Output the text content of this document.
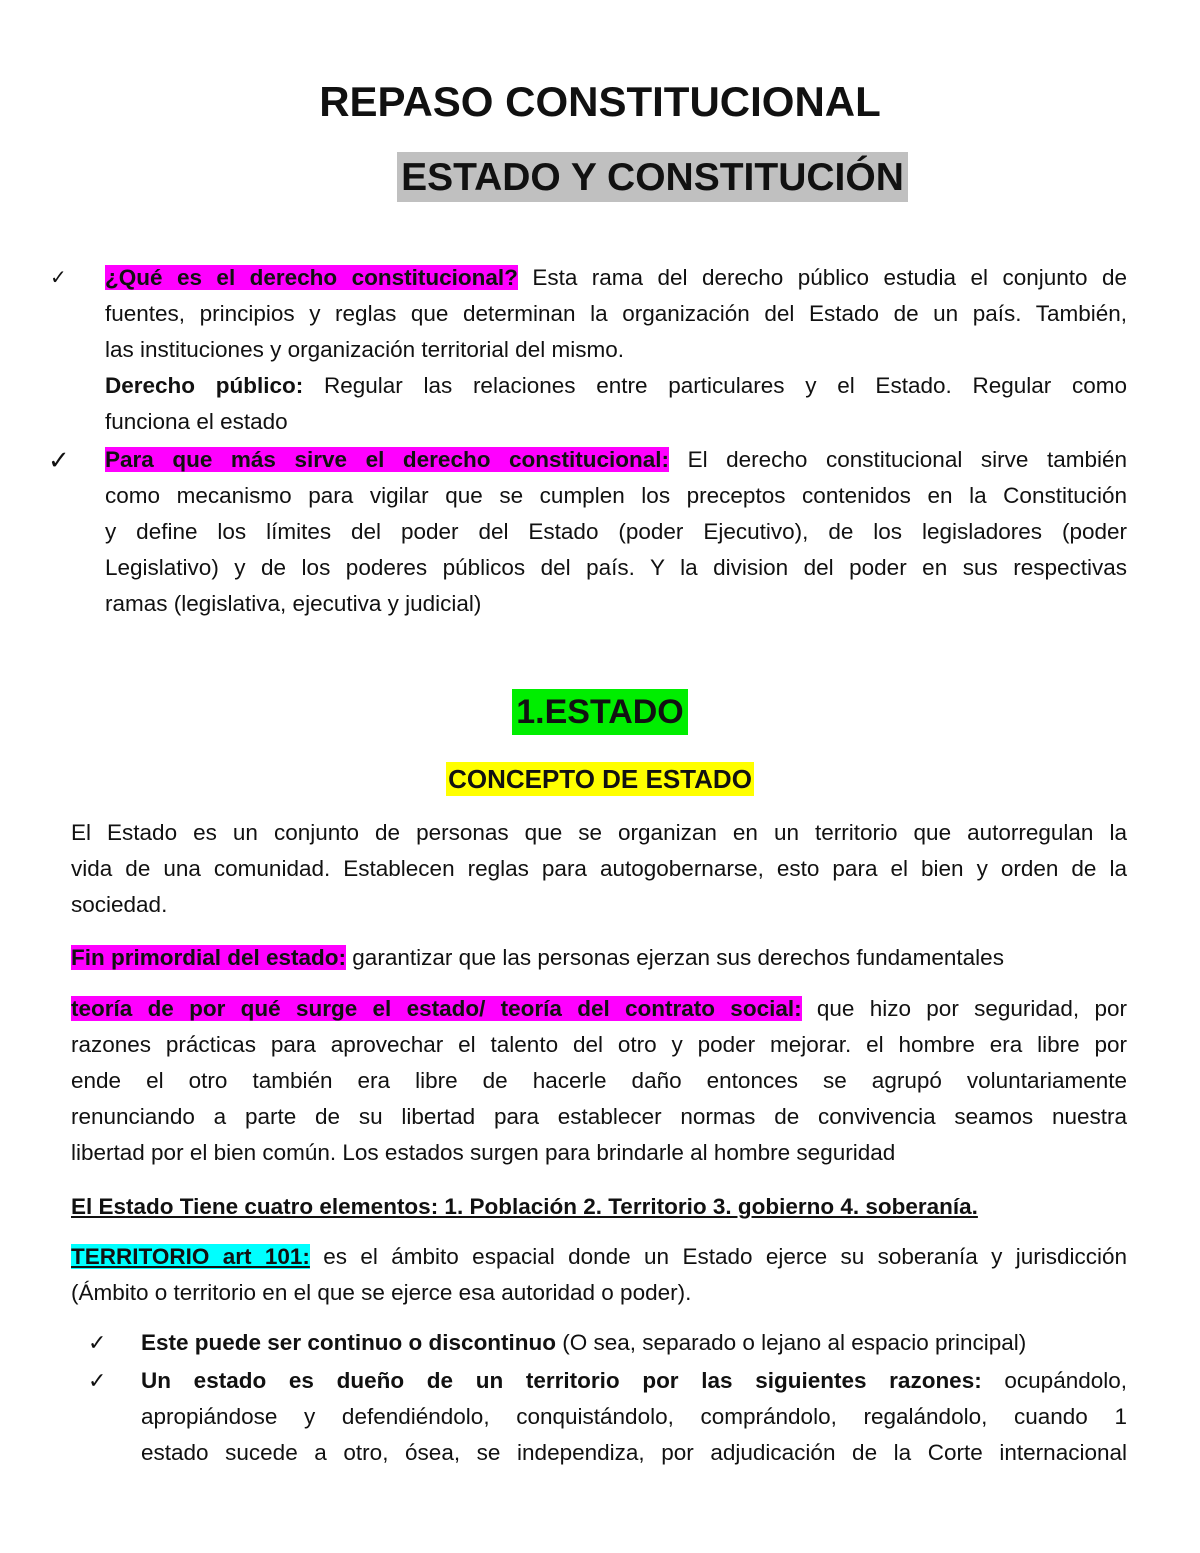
REPASO CONSTITUCIONAL
ESTADO Y CONSTITUCIÓN
✓ ¿Qué es el derecho constitucional? Esta rama del derecho público estudia el conjunto de
fuentes, principios y reglas que determinan la organización del Estado de un país. También,
las instituciones y organización territorial del mismo.
Derecho público: Regular las relaciones entre particulares y el Estado. Regular como
funciona el estado
✓ Para que más sirve el derecho constitucional: El derecho constitucional sirve también
como mecanismo para vigilar que se cumplen los preceptos contenidos en la Constitución
y define los límites del poder del Estado (poder Ejecutivo), de los legisladores (poder
Legislativo) y de los poderes públicos del país. Y la division del poder en sus respectivas
ramas (legislativa, ejecutiva y judicial)
1.ESTADO
CONCEPTO DE ESTADO
El Estado es un conjunto de personas que se organizan en un territorio que autorregulan la
vida de una comunidad. Establecen reglas para autogobernarse, esto para el bien y orden de la
sociedad.
Fin primordial del estado: garantizar que las personas ejerzan sus derechos fundamentales
teoría de por qué surge el estado/ teoría del contrato social: que hizo por seguridad, por
razones prácticas para aprovechar el talento del otro y poder mejorar. el hombre era libre por
ende el otro también era libre de hacerle daño entonces se agrupó voluntariamente
renunciando a parte de su libertad para establecer normas de convivencia seamos nuestra
libertad por el bien común. Los estados surgen para brindarle al hombre seguridad
El Estado Tiene cuatro elementos: 1. Población 2. Territorio 3. gobierno 4. soberanía.
TERRITORIO art 101: es el ámbito espacial donde un Estado ejerce su soberanía y jurisdicción
(Ámbito o territorio en el que se ejerce esa autoridad o poder).
✓ Este puede ser continuo o discontinuo (O sea, separado o lejano al espacio principal)
✓ Un estado es dueño de un territorio por las siguientes razones: ocupándolo,
apropiándose y defendiéndolo, conquistándolo, comprándolo, regalándolo, cuando 1
estado sucede a otro, ósea, se independiza, por adjudicación de la Corte internacional
